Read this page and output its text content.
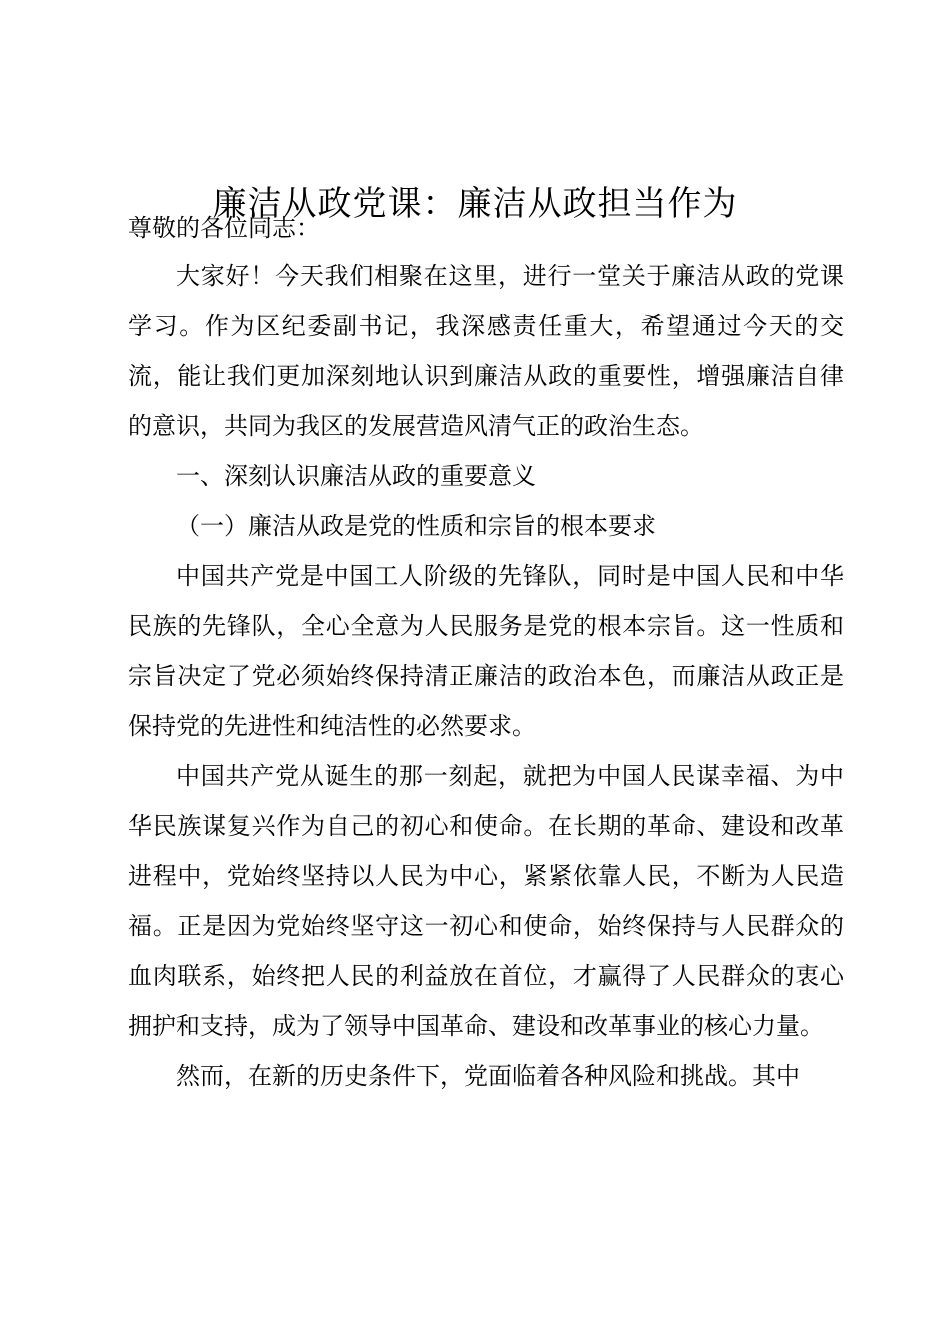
廉洁从政党课：廉洁从政担当作为

尊敬的各位同志：

大家好！今天我们相聚在这里，进行一堂关于廉洁从政的党课学习。作为区纪委副书记，我深感责任重大，希望通过今天的交流，能让我们更加深刻地认识到廉洁从政的重要性，增强廉洁自律的意识，共同为我区的发展营造风清气正的政治生态。

一、深刻认识廉洁从政的重要意义

（一）廉洁从政是党的性质和宗旨的根本要求

中国共产党是中国工人阶级的先锋队，同时是中国人民和中华民族的先锋队，全心全意为人民服务是党的根本宗旨。这一性质和宗旨决定了党必须始终保持清正廉洁的政治本色，而廉洁从政正是保持党的先进性和纯洁性的必然要求。

中国共产党从诞生的那一刻起，就把为中国人民谋幸福、为中华民族谋复兴作为自己的初心和使命。在长期的革命、建设和改革进程中，党始终坚持以人民为中心，紧紧依靠人民，不断为人民造福。正是因为党始终坚守这一初心和使命，始终保持与人民群众的血肉联系，始终把人民的利益放在首位，才赢得了人民群众的衷心拥护和支持，成为了领导中国革命、建设和改革事业的核心力量。

然而，在新的历史条件下，党面临着各种风险和挑战。其中
